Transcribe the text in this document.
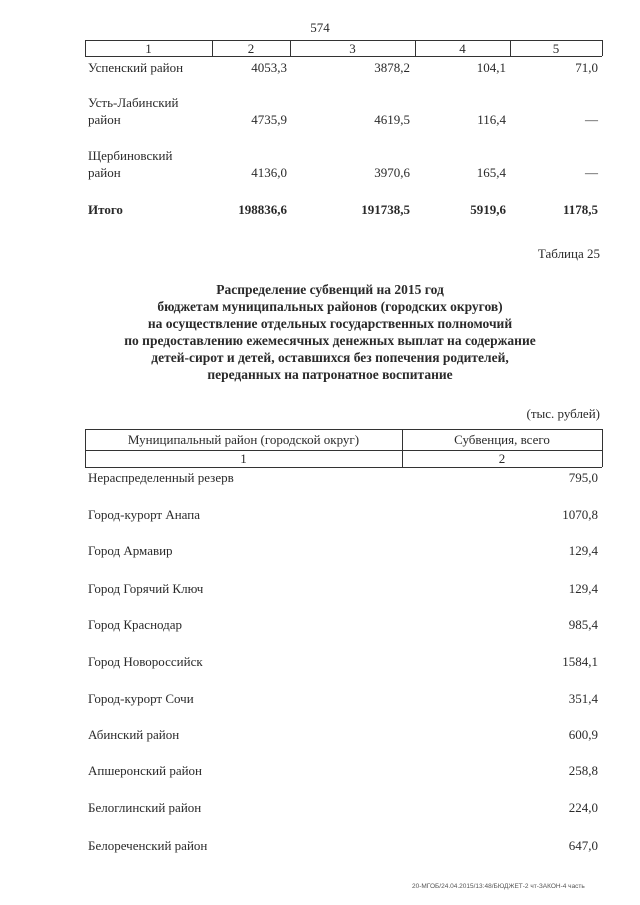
574
1	2	3	4	5
Успенский район	4053,3	3878,2	104,1	71,0
Усть-Лабинский
район	4735,9	4619,5	116,4	—
Щербиновский
район	4136,0	3970,6	165,4	—
Итого	198836,6	191738,5	5919,6	1178,5
Таблица 25
Распределение субвенций на 2015 год
бюджетам муниципальных районов (городских округов)
на осуществление отдельных государственных полномочий
по предоставлению ежемесячных денежных выплат на содержание
детей-сирот и детей, оставшихся без попечения родителей,
переданных на патронатное воспитание
(тыс. рублей)
Муниципальный район (городской округ)	Субвенция, всего
1	2
Нераспределенный резерв	795,0
Город-курорт Анапа	1070,8
Город Армавир	129,4
Город Горячий Ключ	129,4
Город Краснодар	985,4
Город Новороссийск	1584,1
Город-курорт Сочи	351,4
Абинский район	600,9
Апшеронский район	258,8
Белоглинский район	224,0
Белореченский район	647,0
20-МГОБ/24.04.2015/13:48/БЮДЖЕТ-2 чт-ЗАКОН-4 часть
